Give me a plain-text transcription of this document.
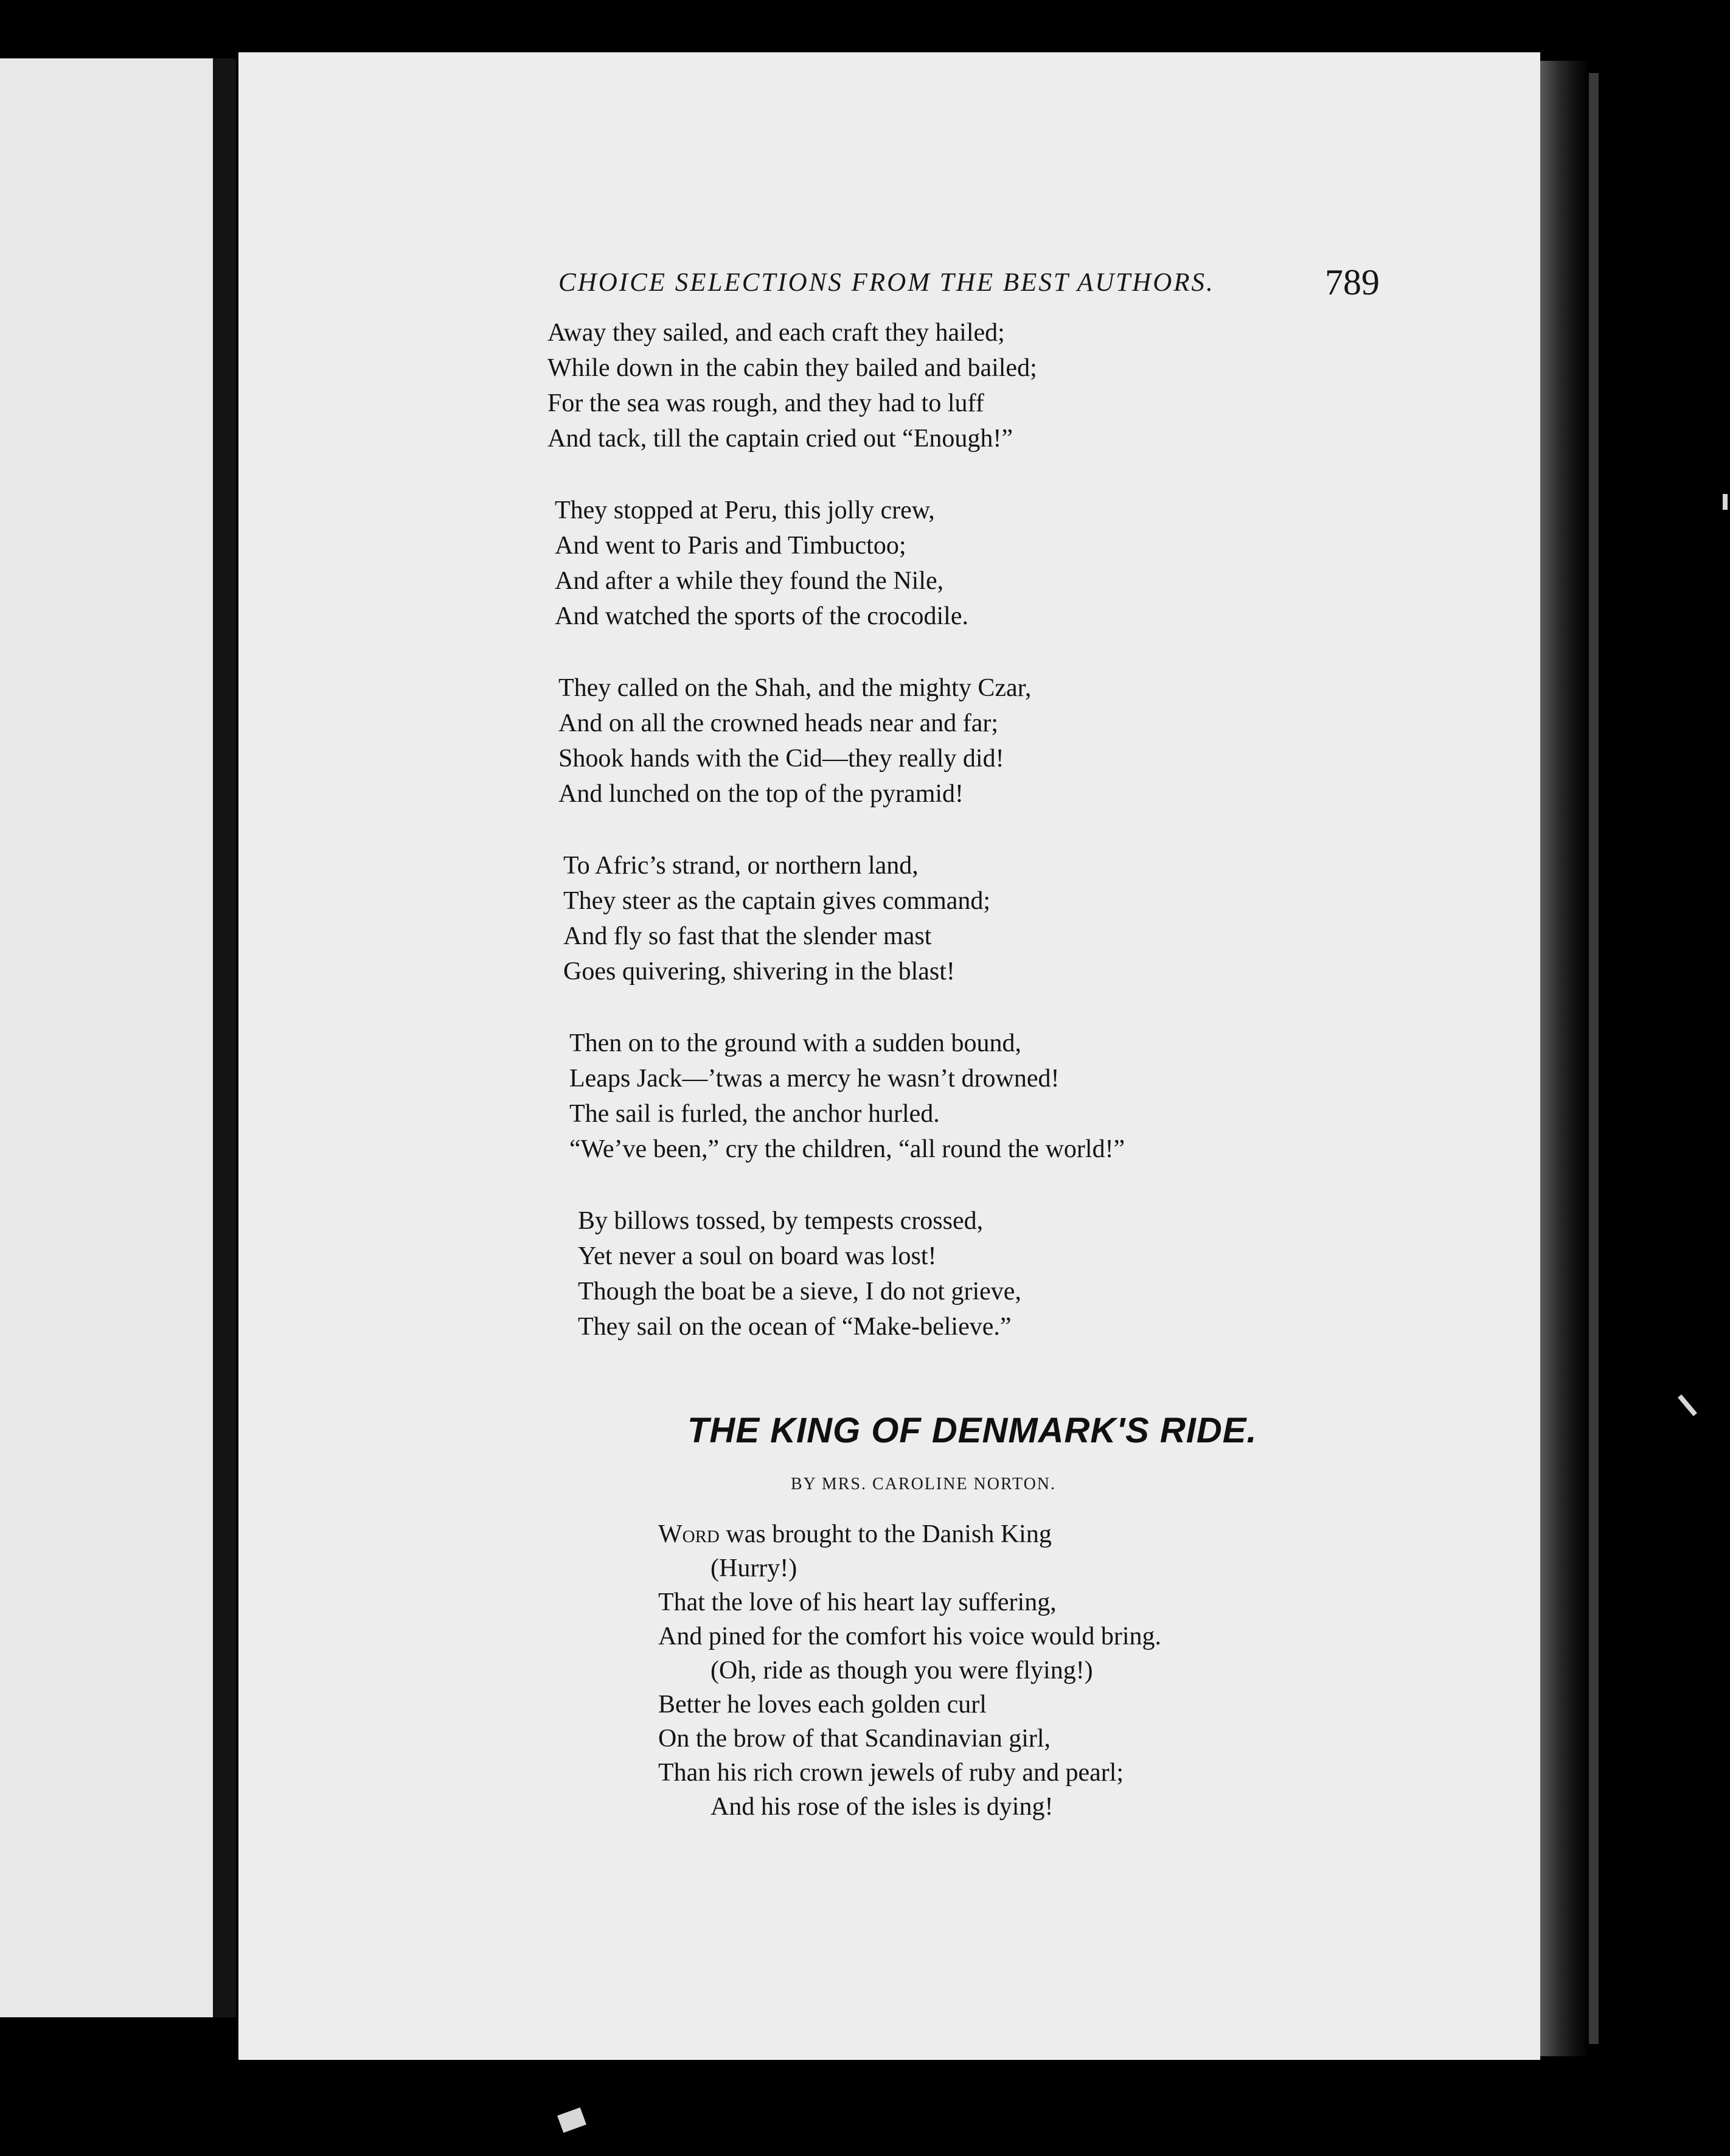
CHOICE SELECTIONS FROM THE BEST AUTHORS.	789
Away they sailed, and each craft they hailed;
While down in the cabin they bailed and bailed;
For the sea was rough, and they had to luff
And tack, till the captain cried out “Enough!”
They stopped at Peru, this jolly crew,
And went to Paris and Timbuctoo;
And after a while they found the Nile,
And watched the sports of the crocodile.
They called on the Shah, and the mighty Czar,
And on all the crowned heads near and far;
Shook hands with the Cid—they really did!
And lunched on the top of the pyramid!
To Afric’s strand, or northern land,
They steer as the captain gives command;
And fly so fast that the slender mast
Goes quivering, shivering in the blast!
Then on to the ground with a sudden bound,
Leaps Jack—’twas a mercy he wasn’t drowned!
The sail is furled, the anchor hurled.
“We’ve been,” cry the children, “all round the world!”
By billows tossed, by tempests crossed,
Yet never a soul on board was lost!
Though the boat be a sieve, I do not grieve,
They sail on the ocean of “Make-believe.”
THE KING OF DENMARK'S RIDE.
BY MRS. CAROLINE NORTON.
Word was brought to the Danish King
(Hurry!)
That the love of his heart lay suffering,
And pined for the comfort his voice would bring.
(Oh, ride as though you were flying!)
Better he loves each golden curl
On the brow of that Scandinavian girl,
Than his rich crown jewels of ruby and pearl;
And his rose of the isles is dying!
